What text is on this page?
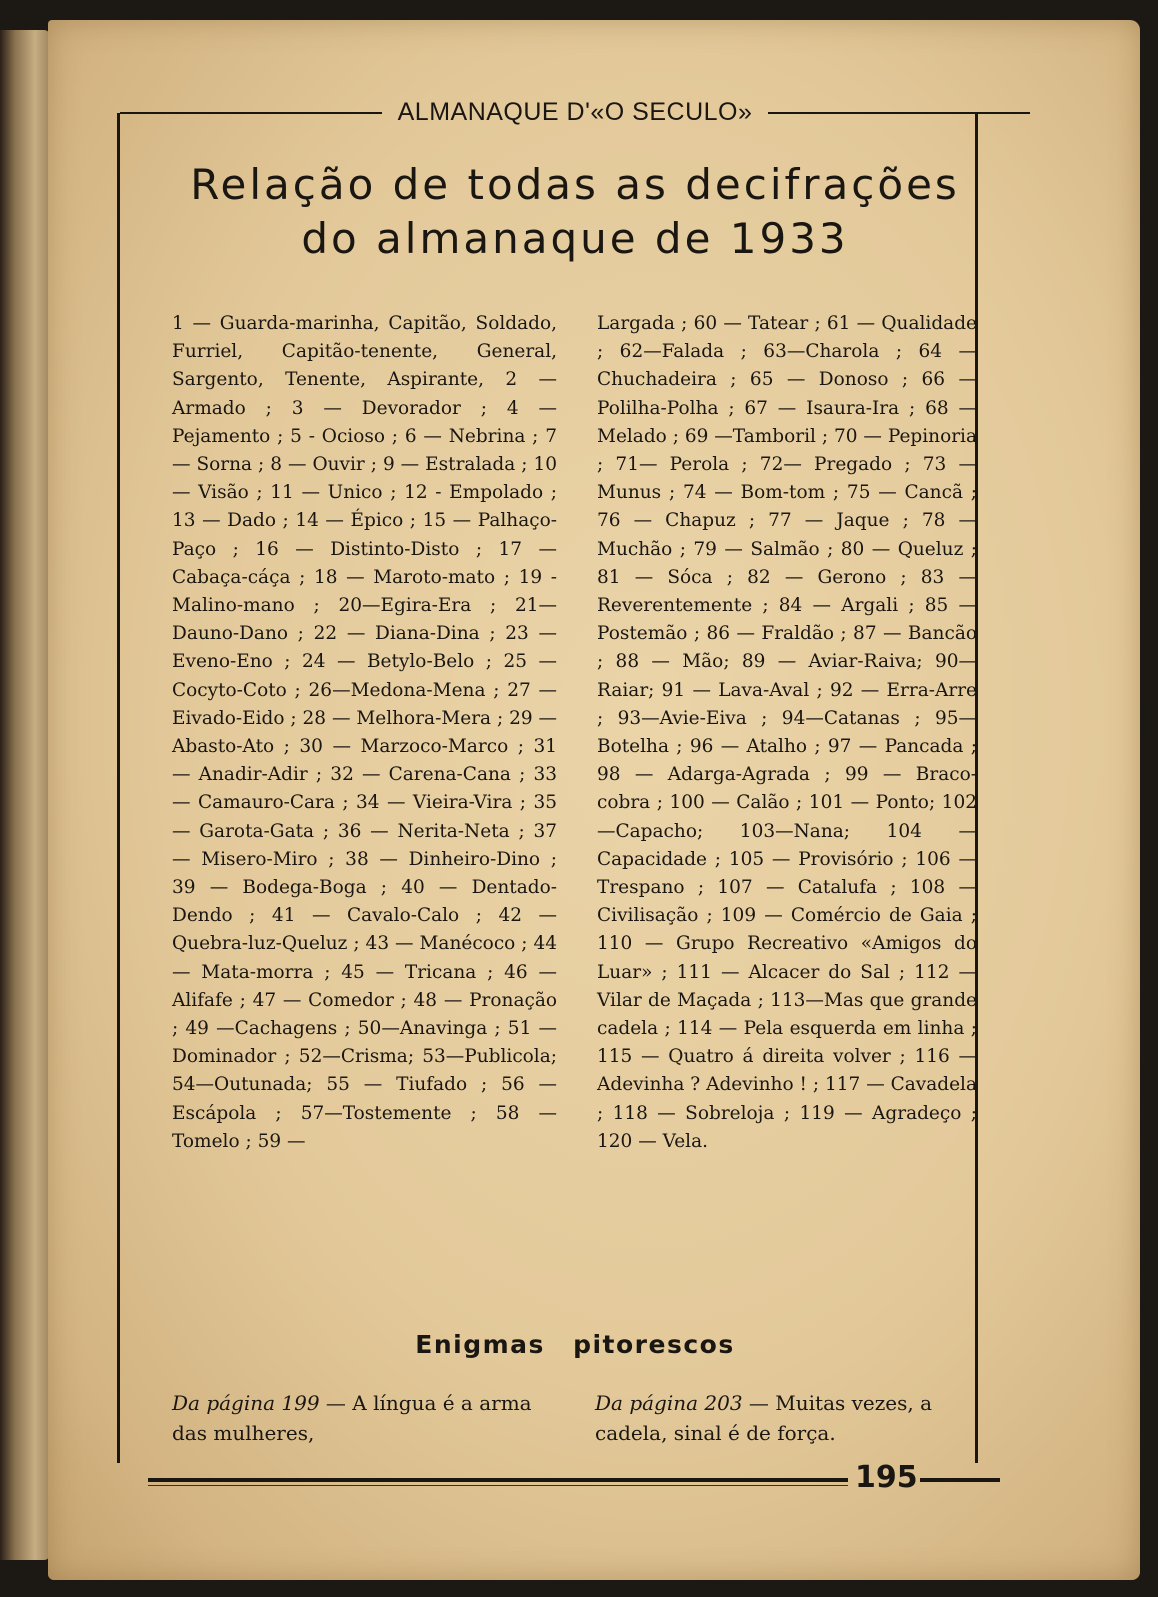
ALMANAQUE D'«O SECULO»
Relação de todas as decifrações
do almanaque de 1933
1 — Guarda-marinha, Capitão, Soldado, Furriel, Capitão-tenente, General, Sargento, Tenente, Aspirante, 2 — Armado ; 3 — Devorador ; 4 — Pejamento ; 5 - Ocioso ; 6 — Nebrina ; 7 — Sorna ; 8 — Ouvir ; 9 — Estralada ; 10 — Visão ; 11 — Unico ; 12 - Empolado ; 13 — Dado ; 14 — Épico ; 15 — Palhaço-Paço ; 16 — Distinto-Disto ; 17 — Cabaça-cáça ; 18 — Maroto-mato ; 19 - Malino-mano ; 20—Egira-Era ; 21— Dauno-Dano ; 22 — Diana-Dina ; 23 — Eveno-Eno ; 24 — Betylo-Belo ; 25 — Cocyto-Coto ; 26—Medona-Mena ; 27 — Eivado-Eido ; 28 — Melhora-Mera ; 29 — Abasto-Ato ; 30 — Marzoco-Marco ; 31 — Anadir-Adir ; 32 — Carena-Cana ; 33 — Camauro-Cara ; 34 — Vieira-Vira ; 35 — Garota-Gata ; 36 — Nerita-Neta ; 37 — Misero-Miro ; 38 — Dinheiro-Dino ; 39 — Bodega-Boga ; 40 — Dentado-Dendo ; 41 — Cavalo-Calo ; 42 — Quebra-luz-Queluz ; 43 — Manécoco ; 44 — Mata-morra ; 45 — Tricana ; 46 — Alifafe ; 47 — Comedor ; 48 — Pronação ; 49 —Cachagens ; 50—Anavinga ; 51 —Dominador ; 52—Crisma; 53—Publicola; 54—Outunada; 55 — Tiufado ; 56 —Escápola ; 57—Tostemente ; 58 — Tomelo ; 59 —
Largada ; 60 — Tatear ; 61 — Qualidade ; 62—Falada ; 63—Charola ; 64 — Chuchadeira ; 65 — Donoso ; 66 — Polilha-Polha ; 67 — Isaura-Ira ; 68 —Melado ; 69 —Tamboril ; 70 — Pepinoria ; 71— Perola ; 72— Pregado ; 73 — Munus ; 74 — Bom-tom ; 75 — Cancã ; 76 — Chapuz ; 77 — Jaque ; 78 — Muchão ; 79 — Salmão ; 80 — Queluz ; 81 — Sóca ; 82 — Gerono ; 83 — Reverentemente ; 84 — Argali ; 85 — Postemão ; 86 — Fraldão ; 87 — Bancão ; 88 — Mão; 89 — Aviar-Raiva; 90—Raiar; 91 — Lava-Aval ; 92 — Erra-Arre ; 93—Avie-Eiva ; 94—Catanas ; 95—Botelha ; 96 — Atalho ; 97 — Pancada ; 98 — Adarga-Agrada ; 99 — Braco-cobra ; 100 — Calão ; 101 — Ponto; 102—Capacho; 103—Nana; 104 — Capacidade ; 105 — Provisório ; 106 — Trespano ; 107 — Catalufa ; 108 — Civilisação ; 109 — Comércio de Gaia ; 110 — Grupo Recreativo «Amigos do Luar» ; 111 — Alcacer do Sal ; 112 — Vilar de Maçada ; 113—Mas que grande cadela ; 114 — Pela esquerda em linha ; 115 — Quatro á direita volver ; 116 — Adevinha ? Adevinho ! ; 117 — Cavadela ; 118 — Sobreloja ; 119 — Agradeço ; 120 — Vela.
Enigmas pitorescos
Da página 199 — A língua é a arma das mulheres,
Da página 203 — Muitas vezes, a cadela, sinal é de força.
195
